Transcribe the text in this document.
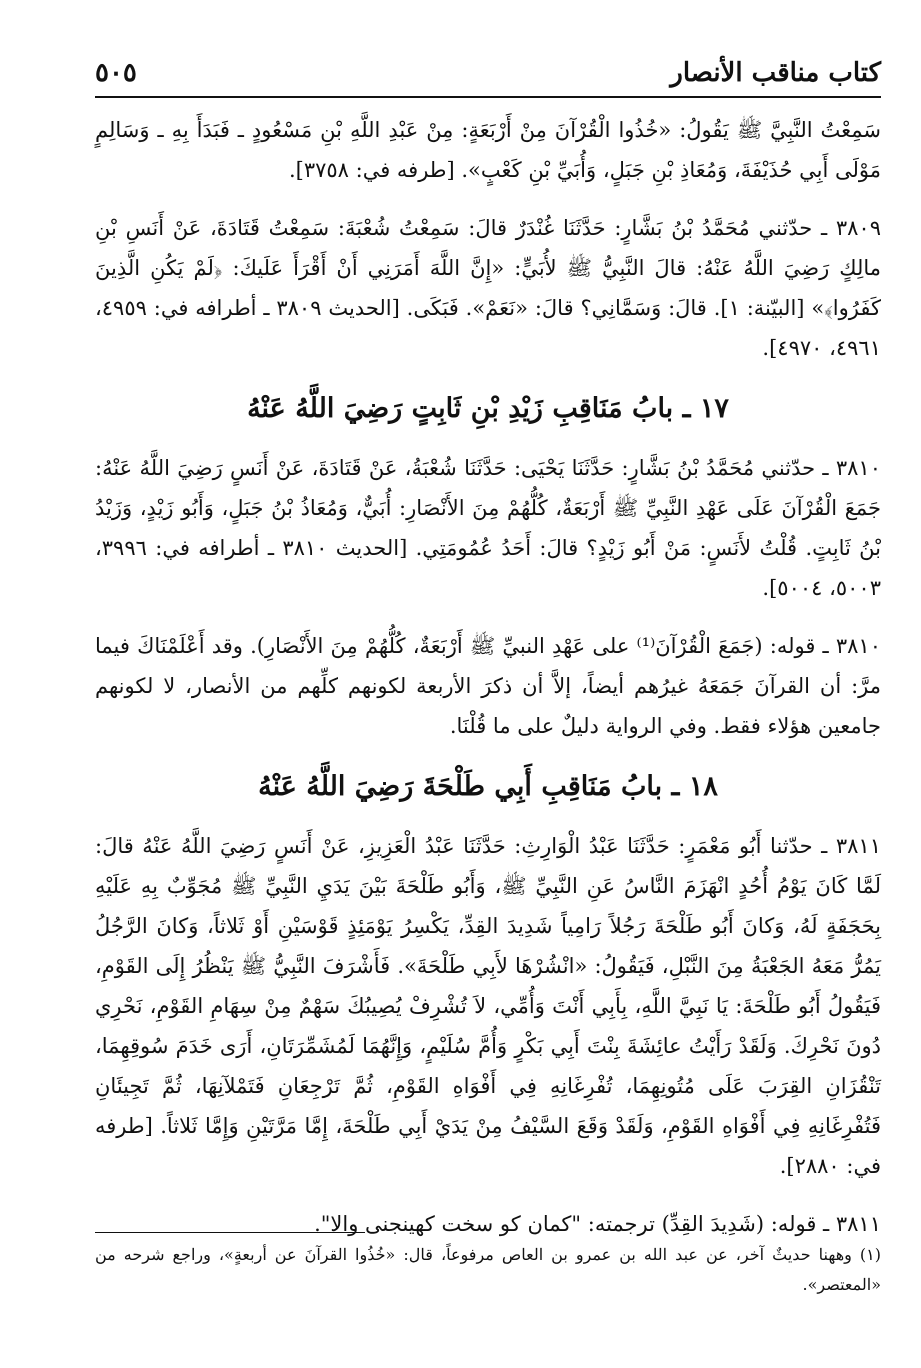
كتاب مناقب الأنصار
٥٠٥

سَمِعْتُ النَّبِيَّ ﷺ يَقُولُ: «خُذُوا الْقُرْآنَ مِنْ أَرْبَعَةٍ: مِنْ عَبْدِ اللَّهِ بْنِ مَسْعُودٍ ـ فَبَدَأَ بِهِ ـ وَسَالِمٍ مَوْلَى أَبِي حُذَيْفَةَ، وَمُعَاذِ بْنِ جَبَلٍ، وَأُبَيِّ بْنِ كَعْبٍ». [طرفه في: ٣٧٥٨].

٣٨٠٩ ـ حدّثني مُحَمَّدُ بْنُ بَشَّارٍ: حَدَّثَنَا غُنْدَرٌ قالَ: سَمِعْتُ شُعْبَةَ: سَمِعْتُ قَتَادَةَ، عَنْ أَنَسِ بْنِ مالِكٍ رَضِيَ اللَّهُ عَنْهُ: قالَ النَّبِيُّ ﷺ لأُبَيٍّ: «إِنَّ اللَّهَ أَمَرَنِي أَنْ أَقْرَأَ عَلَيكَ: ﴿لَمْ يَكُنِ الَّذِينَ كَفَرُوا﴾» [البيّنة: ١]. قالَ: وَسَمَّانِي؟ قالَ: «نَعَمْ». فَبَكَى. [الحديث ٣٨٠٩ ـ أطرافه في: ٤٩٥٩، ٤٩٦١، ٤٩٧٠].

١٧ ـ بابُ مَنَاقِبِ زَيْدِ بْنِ ثَابِتٍ رَضِيَ اللَّهُ عَنْهُ

٣٨١٠ ـ حدّثني مُحَمَّدُ بْنُ بَشَّارٍ: حَدَّثَنَا يَحْيَى: حَدَّثَنَا شُعْبَةُ، عَنْ قَتَادَةَ، عَنْ أَنَسٍ رَضِيَ اللَّهُ عَنْهُ: جَمَعَ الْقُرْآنَ عَلَى عَهْدِ النَّبِيِّ ﷺ أَرْبَعَةٌ، كُلُّهُمْ مِنَ الأَنْصَارِ: أُبَيٌّ، وَمُعَاذُ بْنُ جَبَلٍ، وَأَبُو زَيْدٍ، وَزَيْدُ بْنُ ثَابِتٍ. قُلْتُ لأَنَسٍ: مَنْ أَبُو زَيْدٍ؟ قالَ: أَحَدُ عُمُومَتِي. [الحديث ٣٨١٠ ـ أطرافه في: ٣٩٩٦، ٥٠٠٣، ٥٠٠٤].

٣٨١٠ ـ قوله: (جَمَعَ الْقُرْآنَ⁽¹⁾ على عَهْدِ النبيِّ ﷺ أَرْبَعَةٌ، كُلُّهُمْ مِنَ الأَنْصَارِ). وقد أَعْلَمْنَاكَ فيما مرَّ: أن القرآنَ جَمَعَهُ غيرُهم أيضاً، إلاَّ أن ذكرَ الأربعة لكونهم كلِّهم من الأنصار، لا لكونهم جامعين هؤلاء فقط. وفي الرواية دليلٌ على ما قُلْنَا.

١٨ ـ بابُ مَنَاقِبِ أَبِي طَلْحَةَ رَضِيَ اللَّهُ عَنْهُ

٣٨١١ ـ حدّثنا أَبُو مَعْمَرٍ: حَدَّثَنَا عَبْدُ الْوَارِثِ: حَدَّثَنَا عَبْدُ الْعَزِيزِ، عَنْ أَنَسٍ رَضِيَ اللَّهُ عَنْهُ قالَ: لَمَّا كَانَ يَوْمُ أُحُدٍ انْهَزَمَ النَّاسُ عَنِ النَّبِيِّ ﷺ، وَأَبُو طَلْحَةَ بَيْنَ يَدَيِ النَّبِيِّ ﷺ مُجَوِّبٌ بِهِ عَلَيْهِ بِحَجَفَةٍ لَهُ، وَكانَ أَبُو طَلْحَةَ رَجُلاً رَامِياً شَدِيدَ القِدِّ، يَكْسِرُ يَوْمَئِذٍ قَوْسَيْنِ أَوْ ثَلاثاً، وَكانَ الرَّجُلُ يَمُرُّ مَعَهُ الجَعْبَةُ مِنَ النَّبْلِ، فَيَقُولُ: «انْشُرْهَا لأَبِي طَلْحَةَ». فَأَشْرَفَ النَّبِيُّ ﷺ يَنْظُرُ إِلَى القَوْمِ، فَيَقُولُ أَبُو طَلْحَةَ: يَا نَبِيَّ اللَّهِ، بِأَبِي أَنْتَ وَأُمِّي، لاَ تُشْرِفْ يُصِيبُكَ سَهْمٌ مِنْ سِهَامِ القَوْمِ، نَحْرِي دُونَ نَحْرِكَ. وَلَقَدْ رَأَيْتُ عائِشَةَ بِنْتَ أَبِي بَكْرٍ وَأُمَّ سُلَيْمٍ، وَإِنَّهُمَا لَمُشَمِّرَتَانِ، أَرَى خَدَمَ سُوقِهِمَا، تَنْقُزَانِ القِرَبَ عَلَى مُتُونِهِمَا، تُفْرِغَانِهِ فِي أَفْوَاهِ القَوْمِ، ثُمَّ تَرْجِعَانِ فَتَمْلآنِهَا، ثُمَّ تَجِيئَانِ فَتُفْرِغَانِهِ فِي أَفْوَاهِ القَوْمِ، وَلَقَدْ وَقَعَ السَّيْفُ مِنْ يَدَيْ أَبِي طَلْحَةَ، إِمَّا مَرَّتَيْنِ وَإِمَّا ثَلاثاً. [طرفه في: ٢٨٨٠].

٣٨١١ ـ قوله: (شَدِيدَ القِدِّ) ترجمته: "كمان كو سخت كهينجنى والا".

(١) وههنا حديثٌ آخر، عن عبد الله بن عمرو بن العاص مرفوعاً، قال: «خُذُوا القرآنَ عن أربعةٍ»، وراجع شرحه من «المعتصر».
